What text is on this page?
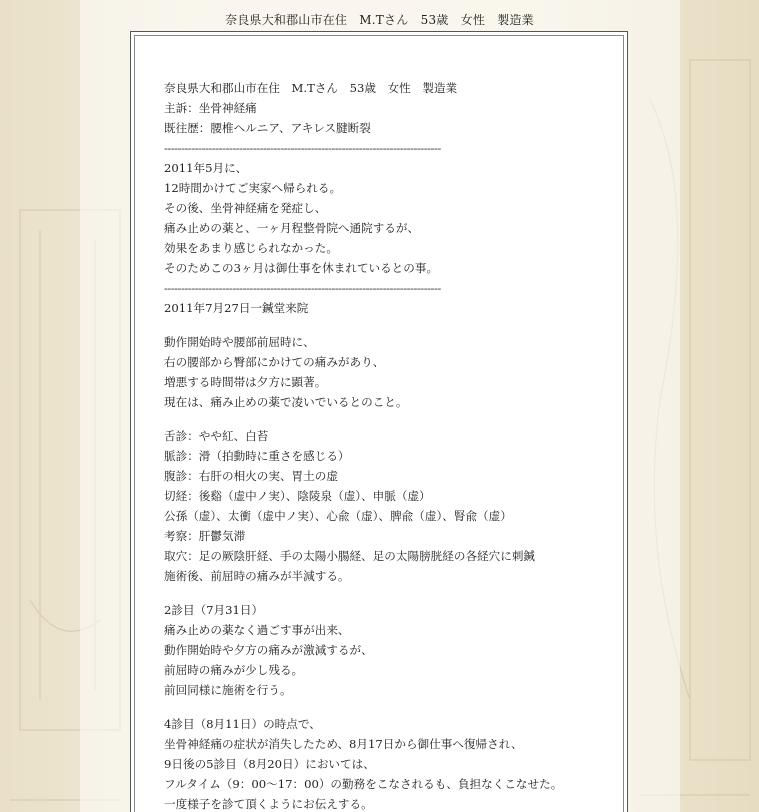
奈良県大和郡山市在住　M.Tさん　53歳　女性　製造業
奈良県大和郡山市在住　M.Tさん　53歳　女性　製造業
主訴：坐骨神経痛
既往歴：腰椎ヘルニア、アキレス腱断裂
---------------------------------------------------------------------------------
2011年5月に、
12時間かけてご実家へ帰られる。
その後、坐骨神経痛を発症し、
痛み止めの薬と、一ヶ月程整骨院へ通院するが、
効果をあまり感じられなかった。
そのためこの3ヶ月は御仕事を休まれているとの事。
---------------------------------------------------------------------------------
2011年7月27日一鍼堂来院
動作開始時や腰部前屈時に、
右の腰部から臀部にかけての痛みがあり、
増悪する時間帯は夕方に顕著。
現在は、痛み止めの薬で凌いでいるとのこと。
舌診：やや紅、白苔
脈診：滑（拍動時に重さを感じる）
腹診：右肝の相火の実、胃土の虚
切経：後谿（虚中ノ実）、陰陵泉（虚）、申脈（虚）
公孫（虚）、太衝（虚中ノ実）、心兪（虚）、脾兪（虚）、腎兪（虚）
考察：肝鬱気滞
取穴：足の厥陰肝経、手の太陽小腸経、足の太陽膀胱経の各経穴に刺鍼
施術後、前屈時の痛みが半減する。
2診目（7月31日）
痛み止めの薬なく過ごす事が出来、
動作開始時や夕方の痛みが激減するが、
前屈時の痛みが少し残る。
前回同様に施術を行う。
4診目（8月11日）の時点で、
坐骨神経痛の症状が消失したため、8月17日から御仕事へ復帰され、
9日後の5診目（8月20日）においては、
フルタイム（9：00〜17：00）の勤務をこなされるも、負担なくこなせた。
一度様子を診て頂くようにお伝えする。
